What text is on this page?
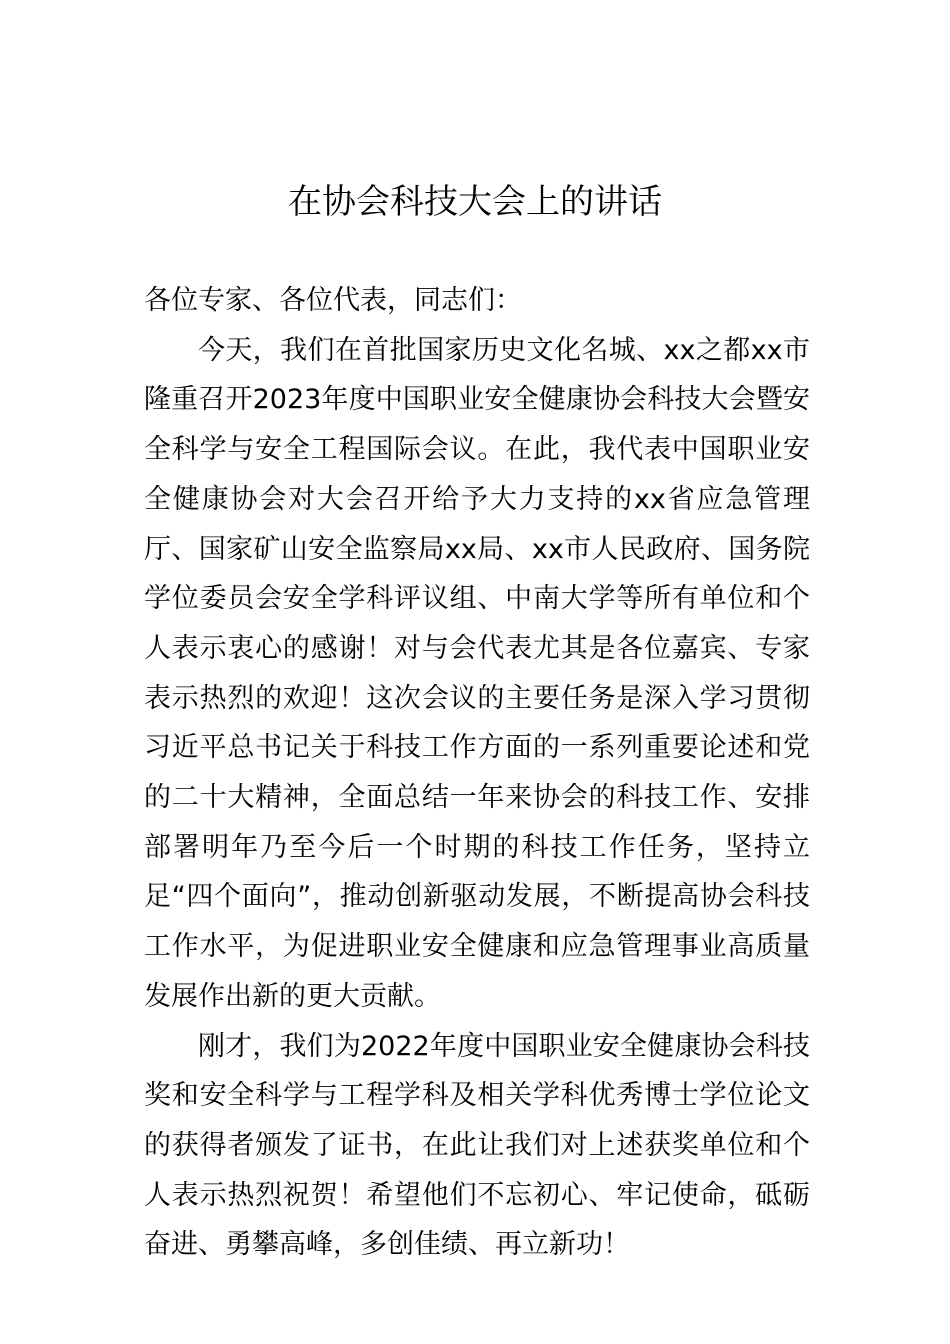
在协会科技大会上的讲话

各位专家、各位代表，同志们：

今天，我们在首批国家历史文化名城、xx之都xx市隆重召开2023年度中国职业安全健康协会科技大会暨安全科学与安全工程国际会议。在此，我代表中国职业安全健康协会对大会召开给予大力支持的xx省应急管理厅、国家矿山安全监察局xx局、xx市人民政府、国务院学位委员会安全学科评议组、中南大学等所有单位和个人表示衷心的感谢！对与会代表尤其是各位嘉宾、专家表示热烈的欢迎！这次会议的主要任务是深入学习贯彻习近平总书记关于科技工作方面的一系列重要论述和党的二十大精神，全面总结一年来协会的科技工作、安排部署明年乃至今后一个时期的科技工作任务，坚持立足“四个面向”，推动创新驱动发展，不断提高协会科技工作水平，为促进职业安全健康和应急管理事业高质量发展作出新的更大贡献。

刚才，我们为2022年度中国职业安全健康协会科技奖和安全科学与工程学科及相关学科优秀博士学位论文的获得者颁发了证书，在此让我们对上述获奖单位和个人表示热烈祝贺！希望他们不忘初心、牢记使命，砥砺奋进、勇攀高峰，多创佳绩、再立新功！
